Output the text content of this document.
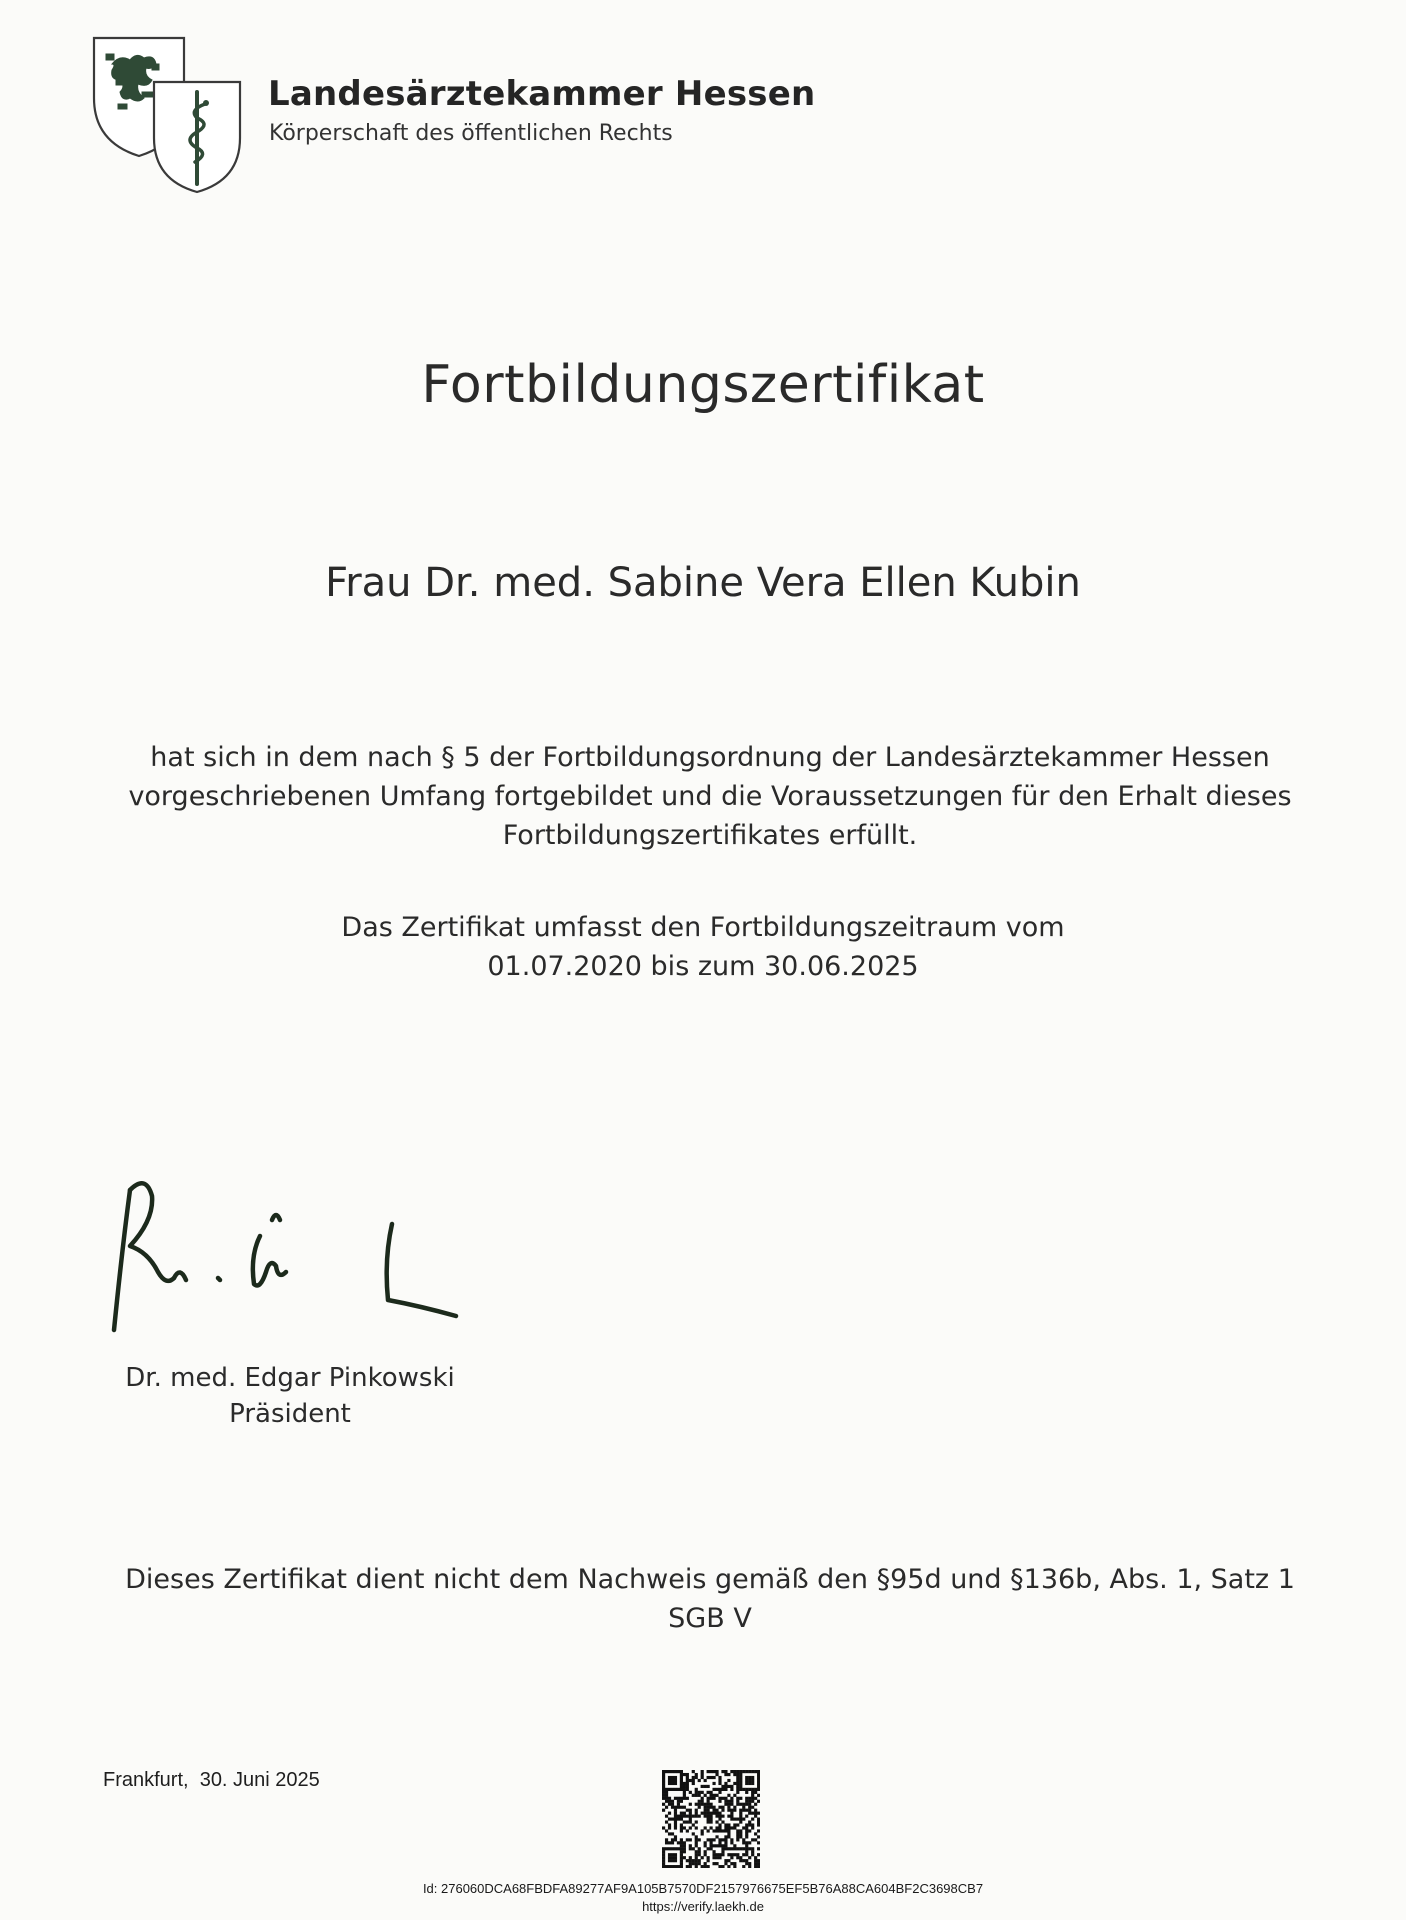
Landesärztekammer Hessen
Körperschaft des öffentlichen Rechts
Fortbildungszertifikat
Frau Dr. med. Sabine Vera Ellen Kubin
hat sich in dem nach § 5 der Fortbildungsordnung der Landesärztekammer Hessen
vorgeschriebenen Umfang fortgebildet und die Voraussetzungen für den Erhalt dieses
Fortbildungszertifikates erfüllt.
Das Zertifikat umfasst den Fortbildungszeitraum vom
01.07.2020 bis zum 30.06.2025
Dr. med. Edgar Pinkowski
Präsident
Dieses Zertifikat dient nicht dem Nachweis gemäß den §95d und §136b, Abs. 1, Satz 1
SGB V
Frankfurt,  30. Juni 2025
Id: 276060DCA68FBDFA89277AF9A105B7570DF2157976675EF5B76A88CA604BF2C3698CB7
https://verify.laekh.de
